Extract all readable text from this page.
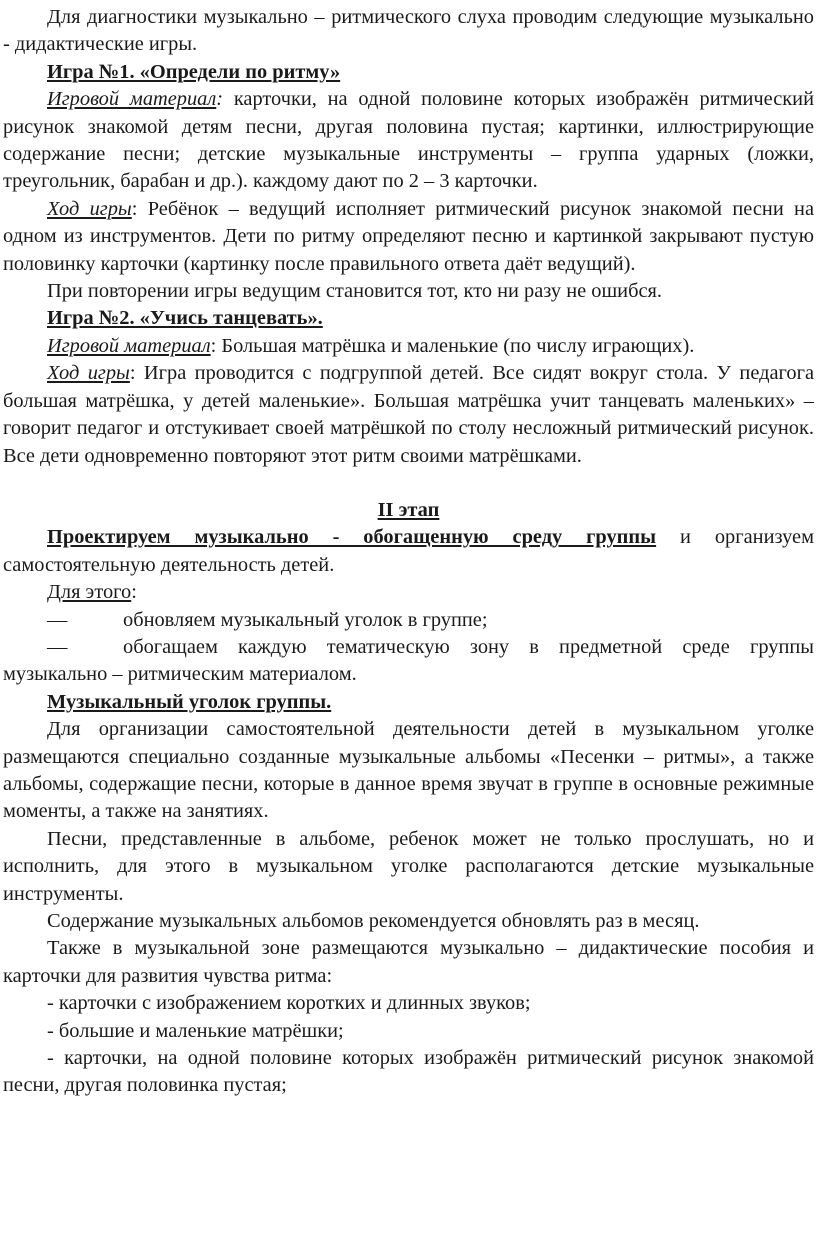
Для диагностики музыкально – ритмического слуха проводим следующие музыкально - дидактические игры.

Игра №1. «Определи по ритму»

Игровой материал: карточки, на одной половине которых изображён ритмический рисунок знакомой детям песни, другая половина пустая; картинки, иллюстрирующие содержание песни; детские музыкальные инструменты – группа ударных (ложки, треугольник, барабан и др.). каждому дают по 2 – 3 карточки.

Ход игры: Ребёнок – ведущий исполняет ритмический рисунок знакомой песни на одном из инструментов. Дети по ритму определяют песню и картинкой закрывают пустую половинку карточки (картинку после правильного ответа даёт ведущий).

При повторении игры ведущим становится тот, кто ни разу не ошибся.

Игра №2. «Учись танцевать».

Игровой материал: Большая матрёшка и маленькие (по числу играющих).

Ход игры: Игра проводится с подгруппой детей. Все сидят вокруг стола. У педагога большая матрёшка, у детей маленькие». Большая матрёшка учит танцевать маленьких» – говорит педагог и отстукивает своей матрёшкой по столу несложный ритмический рисунок. Все дети одновременно повторяют этот ритм своими матрёшками.

II этап

Проектируем музыкально - обогащенную среду группы и организуем самостоятельную деятельность детей.

Для этого:

—	обновляем музыкальный уголок в группе;

—	обогащаем каждую тематическую зону в предметной среде группы музыкально – ритмическим материалом.

Музыкальный уголок группы.

Для организации самостоятельной деятельности детей в музыкальном уголке размещаются специально созданные музыкальные альбомы «Песенки – ритмы», а также альбомы, содержащие песни, которые в данное время звучат в группе в основные режимные моменты, а также на занятиях.

Песни, представленные в альбоме, ребенок может не только прослушать, но и исполнить, для этого в музыкальном уголке располагаются детские музыкальные инструменты.

Содержание музыкальных альбомов рекомендуется обновлять раз в месяц.

Также в музыкальной зоне размещаются музыкально – дидактические пособия и карточки для развития чувства ритма:

- карточки с изображением коротких и длинных звуков;

- большие и маленькие матрёшки;

- карточки, на одной половине которых изображён ритмический рисунок знакомой песни, другая половинка пустая;
